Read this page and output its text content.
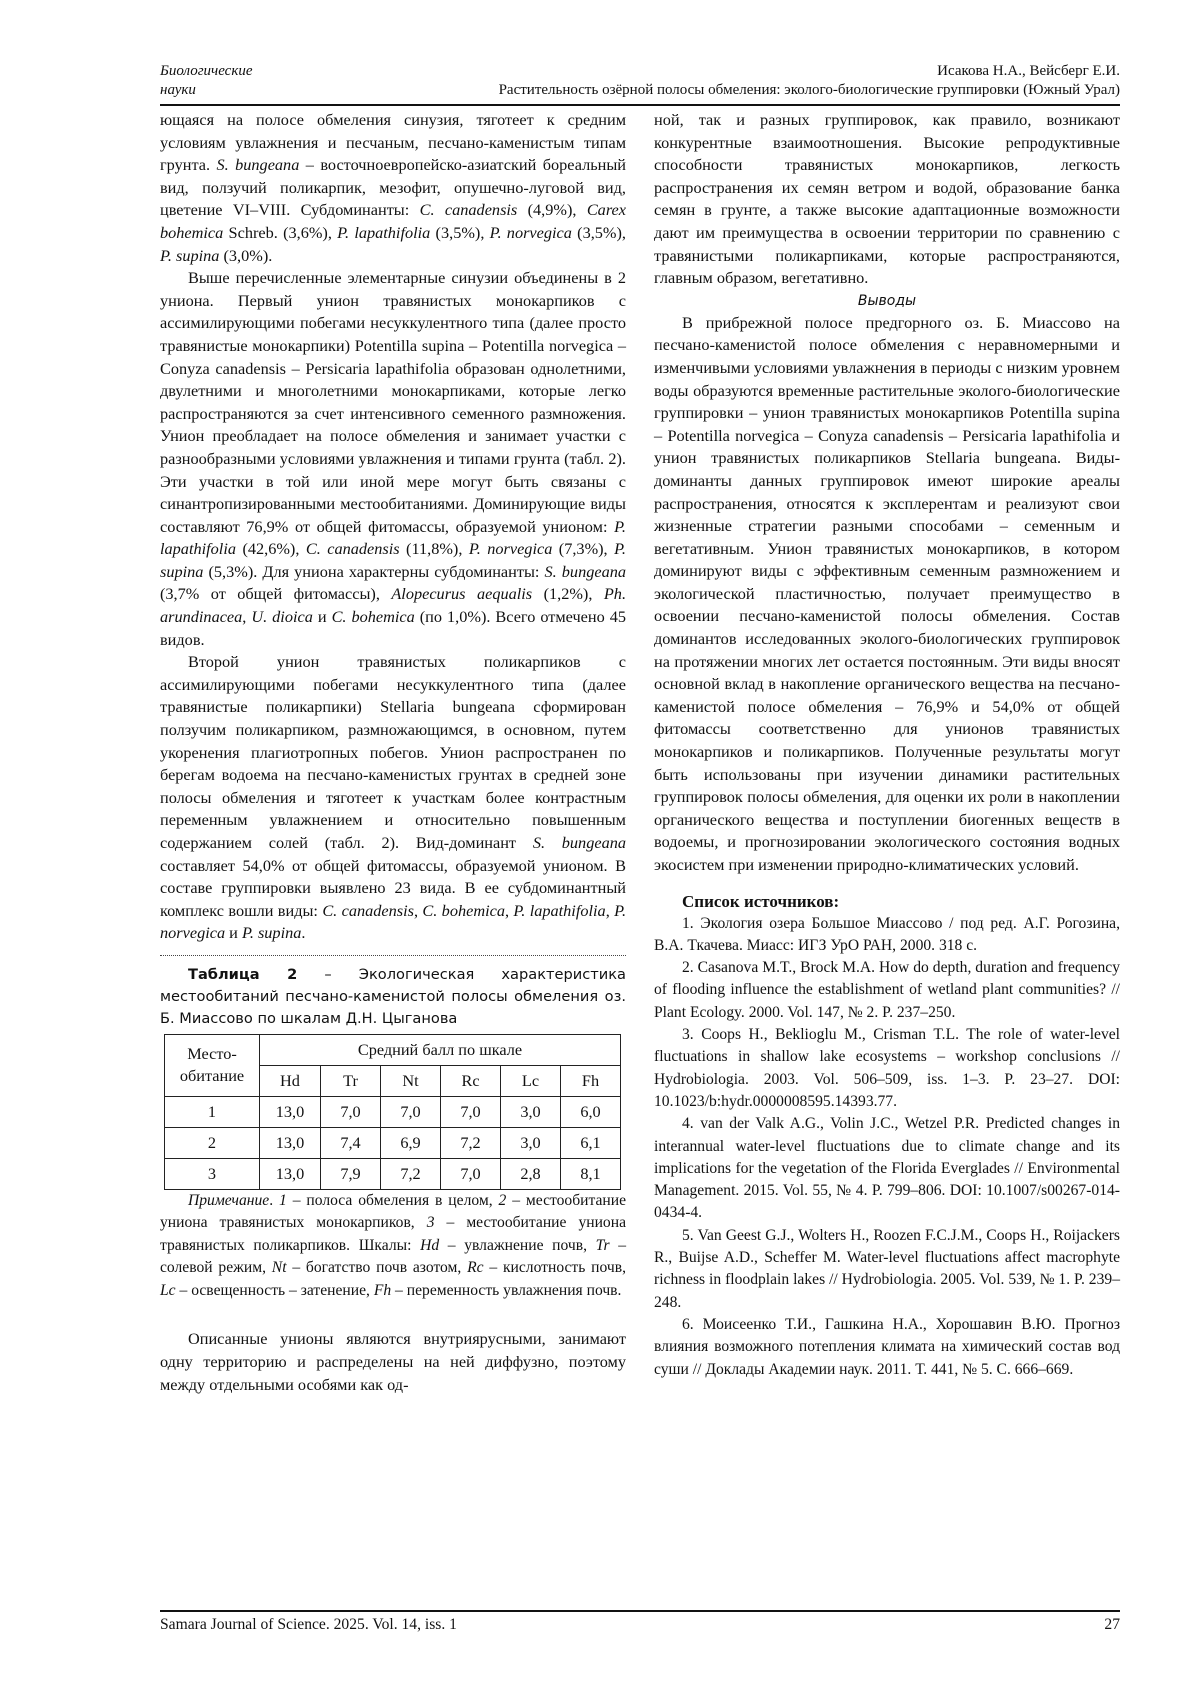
Биологические
науки
Исакова Н.А., Вейсберг Е.И.
Растительность озёрной полосы обмеления: эколого-биологические группировки (Южный Урал)

ющаяся на полосе обмеления синузия, тяготеет к средним условиям увлажнения и песчаным, песчано-каменистым типам грунта. S. bungeana – восточноевропейско-азиатский бореальный вид, ползучий поликарпик, мезофит, опушечно-луговой вид, цветение VI–VIII. Субдоминанты: C. canadensis (4,9%), Carex bohemica Schreb. (3,6%), P. lapathifolia (3,5%), P. norvegica (3,5%), P. supina (3,0%).

Выше перечисленные элементарные синузии объединены в 2 униона. Первый унион травянистых монокарпиков с ассимилирующими побегами несуккулентного типа (далее просто травянистые монокарпики) Potentilla supina – Potentilla norvegica – Conyza canadensis – Persicaria lapathifolia образован однолетними, двулетними и многолетними монокарпиками, которые легко распространяются за счет интенсивного семенного размножения. Унион преобладает на полосе обмеления и занимает участки с разнообразными условиями увлажнения и типами грунта (табл. 2). Эти участки в той или иной мере могут быть связаны с синантропизированными местообитаниями. Доминирующие виды составляют 76,9% от общей фитомассы, образуемой унионом: P. lapathifolia (42,6%), C. canadensis (11,8%), P. norvegica (7,3%), P. supina (5,3%). Для униона характерны субдоминанты: S. bungeana (3,7% от общей фитомассы), Alopecurus aequalis (1,2%), Ph. arundinacea, U. dioica и C. bohemica (по 1,0%). Всего отмечено 45 видов.

Второй унион травянистых поликарпиков с ассимилирующими побегами несуккулентного типа (далее травянистые поликарпики) Stellaria bungeana сформирован ползучим поликарпиком, размножающимся, в основном, путем укоренения плагиотропных побегов. Унион распространен по берегам водоема на песчано-каменистых грунтах в средней зоне полосы обмеления и тяготеет к участкам более контрастным переменным увлажнением и относительно повышенным содержанием солей (табл. 2). Вид-доминант S. bungeana составляет 54,0% от общей фитомассы, образуемой унионом. В составе группировки выявлено 23 вида. В ее субдоминантный комплекс вошли виды: C. canadensis, C. bohemica, P. lapathifolia, P. norvegica и P. supina.

Таблица 2 – Экологическая характеристика местообитаний песчано-каменистой полосы обмеления оз. Б. Миассово по шкалам Д.Н. Цыганова
Место-обитание	Средний балл по шкале					
	Hd	Tr	Nt	Rc	Lc	Fh
1	13,0	7,0	7,0	7,0	3,0	6,0
2	13,0	7,4	6,9	7,2	3,0	6,1
3	13,0	7,9	7,2	7,0	2,8	8,1

Примечание. 1 – полоса обмеления в целом, 2 – местообитание униона травянистых монокарпиков, 3 – местообитание униона травянистых поликарпиков. Шкалы: Hd – увлажнение почв, Tr – солевой режим, Nt – богатство почв азотом, Rc – кислотность почв, Lc – освещенность – затенение, Fh – переменность увлажнения почв.

Описанные унионы являются внутриярусными, занимают одну территорию и распределены на ней диффузно, поэтому между отдельными особями как од-

ной, так и разных группировок, как правило, возникают конкурентные взаимоотношения. Высокие репродуктивные способности травянистых монокарпиков, легкость распространения их семян ветром и водой, образование банка семян в грунте, а также высокие адаптационные возможности дают им преимущества в освоении территории по сравнению с травянистыми поликарпиками, которые распространяются, главным образом, вегетативно.

Выводы

В прибрежной полосе предгорного оз. Б. Миассово на песчано-каменистой полосе обмеления с неравномерными и изменчивыми условиями увлажнения в периоды с низким уровнем воды образуются временные растительные эколого-биологические группировки – унион травянистых монокарпиков Potentilla supina – Potentilla norvegica – Conyza canadensis – Persicaria lapathifolia и унион травянистых поликарпиков Stellaria bungeana. Виды-доминанты данных группировок имеют широкие ареалы распространения, относятся к эксплерентам и реализуют свои жизненные стратегии разными способами – семенным и вегетативным. Унион травянистых монокарпиков, в котором доминируют виды с эффективным семенным размножением и экологической пластичностью, получает преимущество в освоении песчано-каменистой полосы обмеления. Состав доминантов исследованных эколого-биологических группировок на протяжении многих лет остается постоянным. Эти виды вносят основной вклад в накопление органического вещества на песчано-каменистой полосе обмеления – 76,9% и 54,0% от общей фитомассы соответственно для унионов травянистых монокарпиков и поликарпиков. Полученные результаты могут быть использованы при изучении динамики растительных группировок полосы обмеления, для оценки их роли в накоплении органического вещества и поступлении биогенных веществ в водоемы, и прогнозировании экологического состояния водных экосистем при изменении природно-климатических условий.

Список источников:

1. Экология озера Большое Миассово / под ред. А.Г. Рогозина, В.А. Ткачева. Миасс: ИГЗ УрО РАН, 2000. 318 с.

2. Casanova M.T., Brock M.A. How do depth, duration and frequency of flooding influence the establishment of wetland plant communities? // Plant Ecology. 2000. Vol. 147, № 2. P. 237–250.

3. Coops H., Beklioglu M., Crisman T.L. The role of water-level fluctuations in shallow lake ecosystems – workshop conclusions // Hydrobiologia. 2003. Vol. 506–509, iss. 1–3. P. 23–27. DOI: 10.1023/b:hydr.0000008595.14393.77.

4. van der Valk A.G., Volin J.C., Wetzel P.R. Predicted changes in interannual water-level fluctuations due to climate change and its implications for the vegetation of the Florida Everglades // Environmental Management. 2015. Vol. 55, № 4. P. 799–806. DOI: 10.1007/s00267-014-0434-4.

5. Van Geest G.J., Wolters H., Roozen F.C.J.M., Coops H., Roijackers R., Buijse A.D., Scheffer M. Water-level fluctuations affect macrophyte richness in floodplain lakes // Hydrobiologia. 2005. Vol. 539, № 1. P. 239–248.

6. Моисеенко Т.И., Гашкина Н.А., Хорошавин В.Ю. Прогноз влияния возможного потепления климата на химический состав вод суши // Доклады Академии наук. 2011. Т. 441, № 5. С. 666–669.

Samara Journal of Science. 2025. Vol. 14, iss. 1	27
